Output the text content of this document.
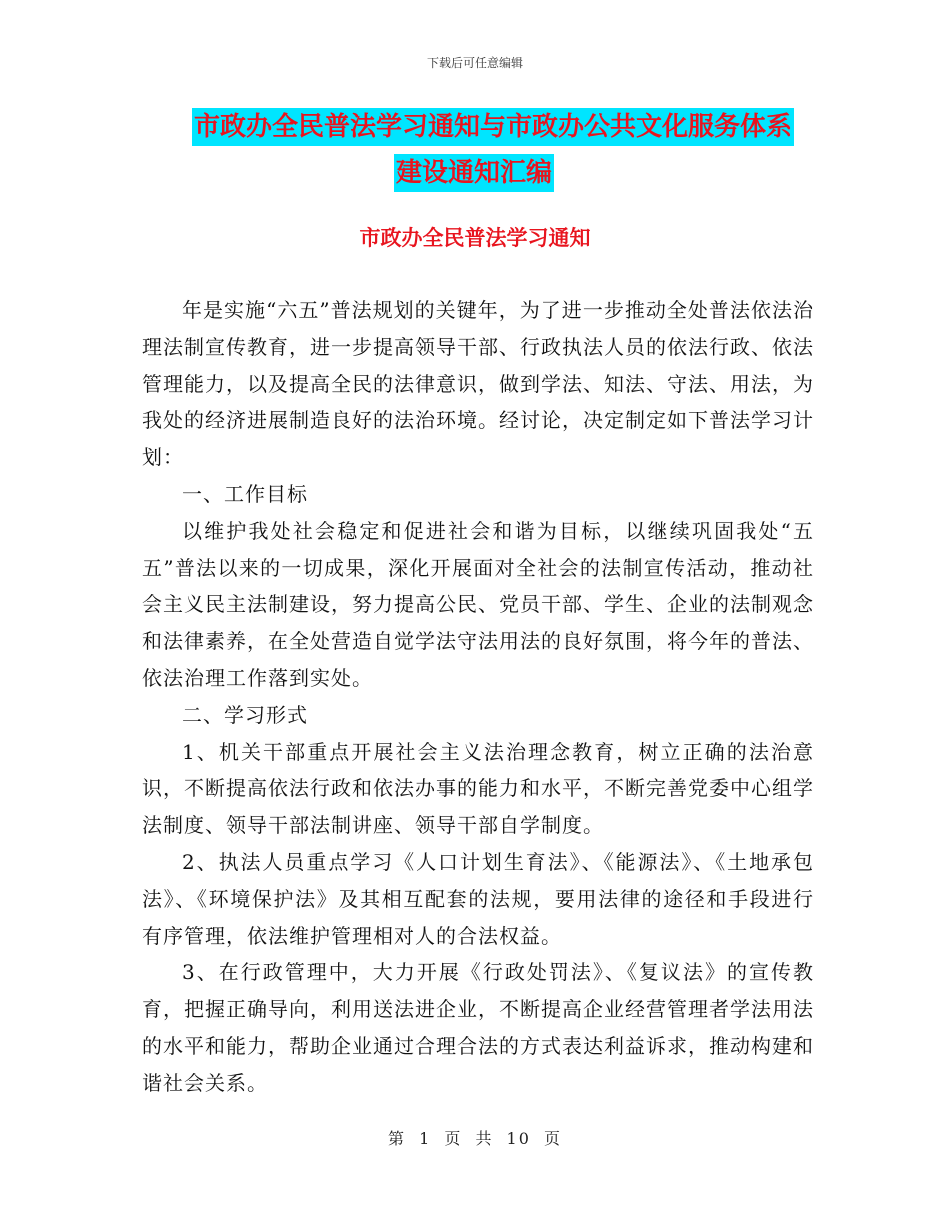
下载后可任意编辑
市政办全民普法学习通知与市政办公共文化服务体系
建设通知汇编
市政办全民普法学习通知

年是实施“六五”普法规划的关键年，为了进一步推动全处普法依法治理法制宣传教育，进一步提高领导干部、行政执法人员的依法行政、依法管理能力，以及提高全民的法律意识，做到学法、知法、守法、用法，为我处的经济进展制造良好的法治环境。经讨论，决定制定如下普法学习计划：

一、工作目标

以维护我处社会稳定和促进社会和谐为目标，以继续巩固我处“五五”普法以来的一切成果，深化开展面对全社会的法制宣传活动，推动社会主义民主法制建设，努力提高公民、党员干部、学生、企业的法制观念和法律素养，在全处营造自觉学法守法用法的良好氛围，将今年的普法、依法治理工作落到实处。

二、学习形式

1、机关干部重点开展社会主义法治理念教育，树立正确的法治意识，不断提高依法行政和依法办事的能力和水平，不断完善党委中心组学法制度、领导干部法制讲座、领导干部自学制度。

2、执法人员重点学习《人口计划生育法》、《能源法》、《土地承包法》、《环境保护法》及其相互配套的法规，要用法律的途径和手段进行有序管理，依法维护管理相对人的合法权益。

3、在行政管理中，大力开展《行政处罚法》、《复议法》的宣传教育，把握正确导向，利用送法进企业，不断提高企业经营管理者学法用法的水平和能力，帮助企业通过合理合法的方式表达利益诉求，推动构建和谐社会关系。

第 1 页 共 10 页
